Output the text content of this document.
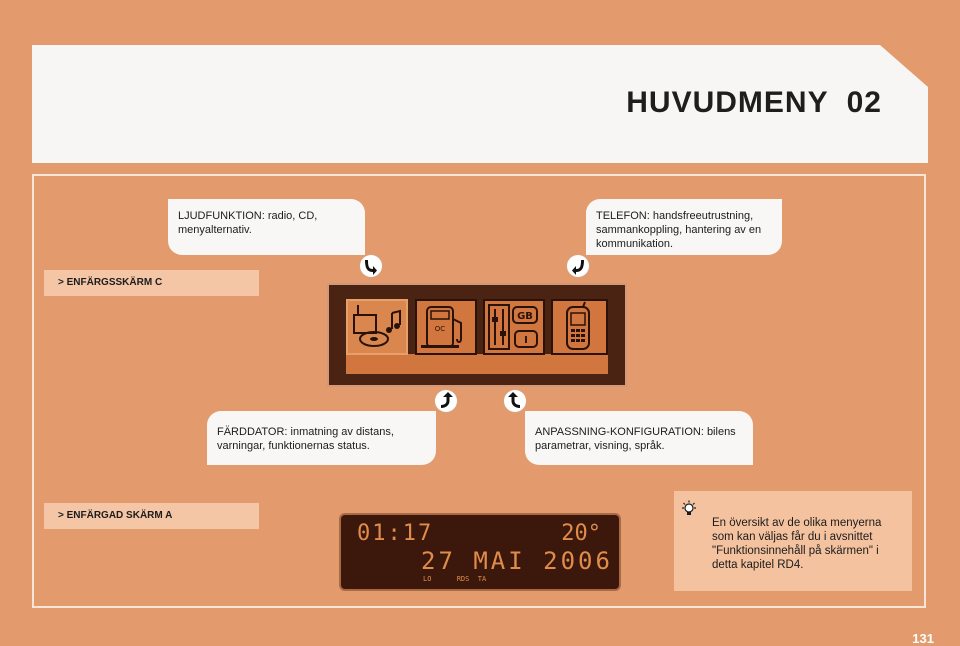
HUVUDMENY 02
LJUDFUNKTION: radio, CD, menyalternativ.
TELEFON: handsfreeutrustning, sammankoppling, hantering av en kommunikation.
> ENFÄRGSSKÄRM C
OC
GB
I
FÄRDDATOR: inmatning av distans, varningar, funktionernas status.
ANPASSNING-KONFIGURATION: bilens parametrar, visning, språk.
> ENFÄRGAD SKÄRM A
01:17	20°
27 MAI 2006
LO      RDS  TA
En översikt av de olika menyerna som kan väljas får du i avsnittet "Funktionsinnehåll på skärmen" i detta kapitel RD4.
131
